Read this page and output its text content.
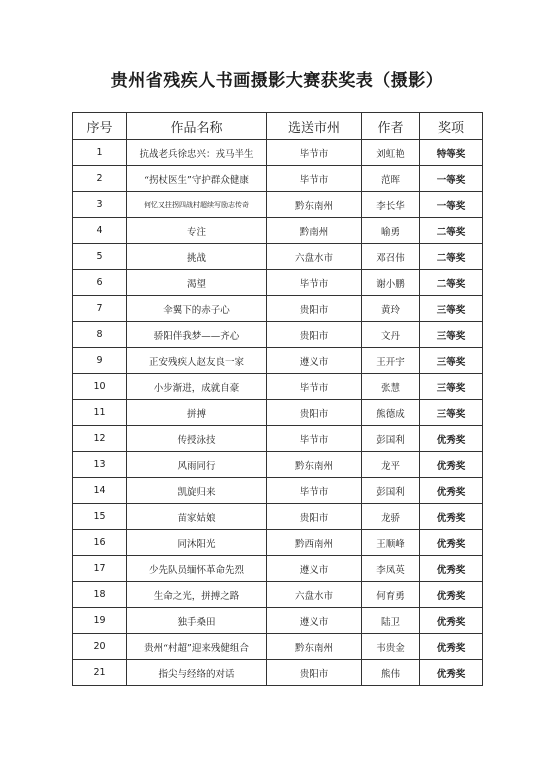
贵州省残疾人书画摄影大赛获奖表（摄影）
序号	作品名称	选送市州	作者	奖项
1	抗战老兵徐忠兴：戎马半生	毕节市	刘虹艳	特等奖
2	“拐杖医生”守护群众健康	毕节市	范晖	一等奖
3	何忆又拄拐四战村超续写励志传奇	黔东南州	李长华	一等奖
4	专注	黔南州	喻勇	二等奖
5	挑战	六盘水市	邓召伟	二等奖
6	渴望	毕节市	谢小鹏	二等奖
7	伞翼下的赤子心	贵阳市	黄玲	三等奖
8	骄阳伴我梦——齐心	贵阳市	文丹	三等奖
9	正安残疾人赵友良一家	遵义市	王开宇	三等奖
10	小步渐进，成就自豪	毕节市	张慧	三等奖
11	拼搏	贵阳市	熊德成	三等奖
12	传授泳技	毕节市	彭国利	优秀奖
13	风雨同行	黔东南州	龙平	优秀奖
14	凯旋归来	毕节市	彭国利	优秀奖
15	苗家姑娘	贵阳市	龙骄	优秀奖
16	同沐阳光	黔西南州	王顺峰	优秀奖
17	少先队员缅怀革命先烈	遵义市	李凤英	优秀奖
18	生命之光，拼搏之路	六盘水市	何育勇	优秀奖
19	独手桑田	遵义市	陆卫	优秀奖
20	贵州“村超”迎来残健组合	黔东南州	韦贵金	优秀奖
21	指尖与经络的对话	贵阳市	熊伟	优秀奖
